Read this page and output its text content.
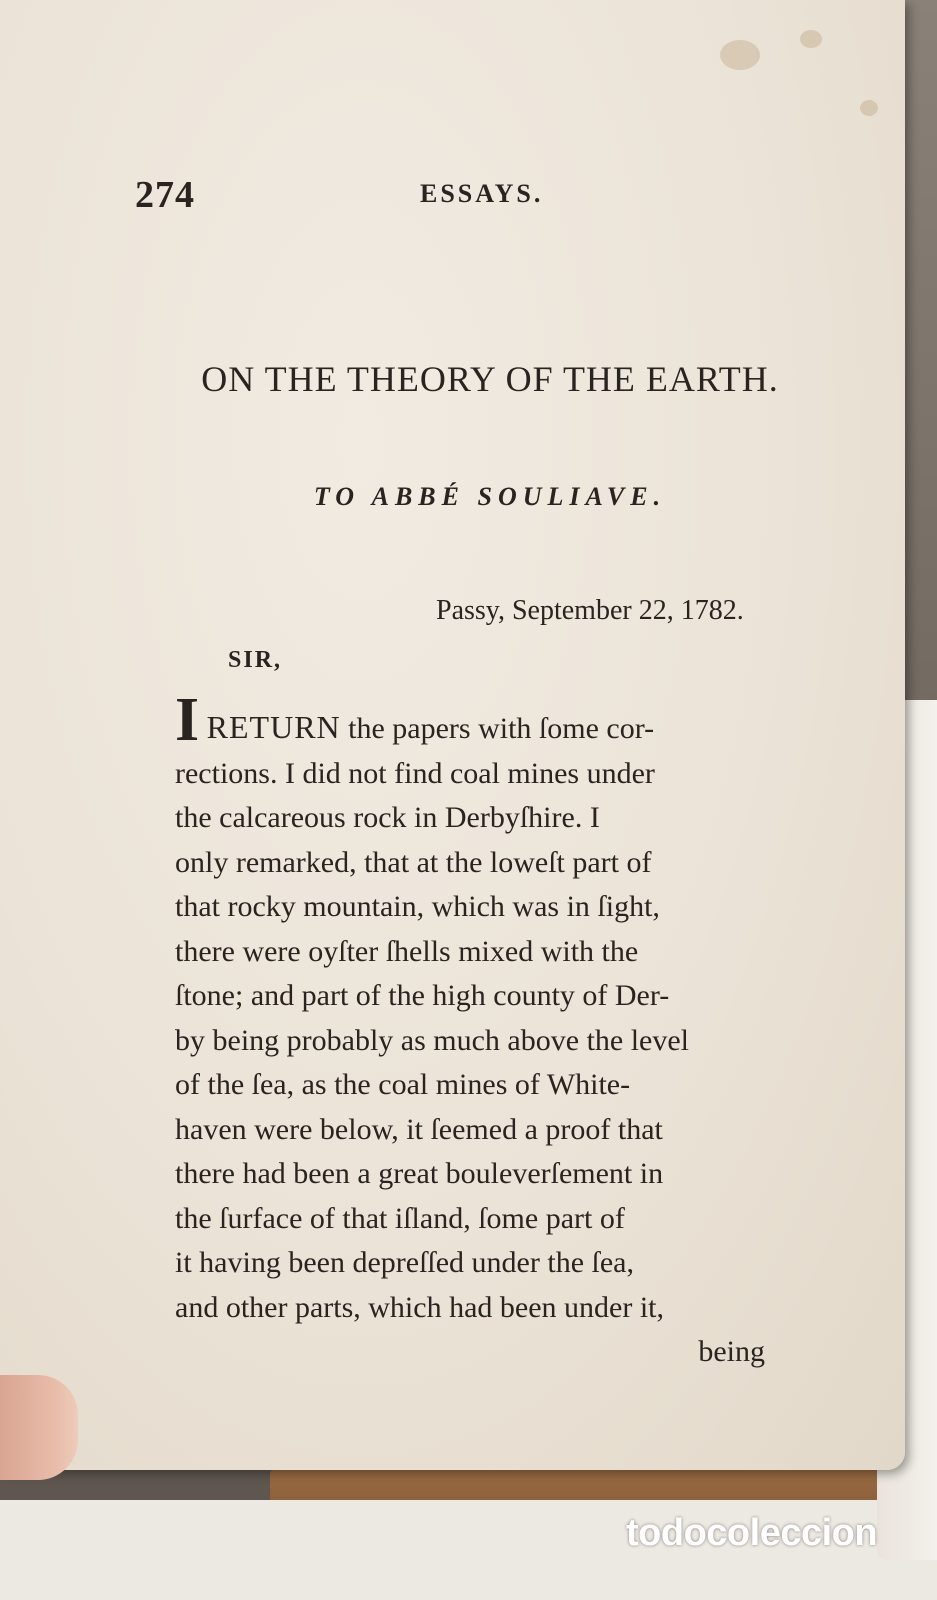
274	ESSAYS.
ON THE THEORY OF THE EARTH.
TO ABBÉ SOULIAVE.
Passy, September 22, 1782.
SIR,
I RETURN the papers with ſome cor-
rections. I did not find coal mines under
the calcareous rock in Derbyſhire. I
only remarked, that at the loweſt part of
that rocky mountain, which was in ſight,
there were oyſter ſhells mixed with the
ſtone; and part of the high county of Der-
by being probably as much above the level
of the ſea, as the coal mines of White-
haven were below, it ſeemed a proof that
there had been a great bouleverſement in
the ſurface of that iſland, ſome part of
it having been depreſſed under the ſea,
and other parts, which had been under it,
being
todocoleccion
